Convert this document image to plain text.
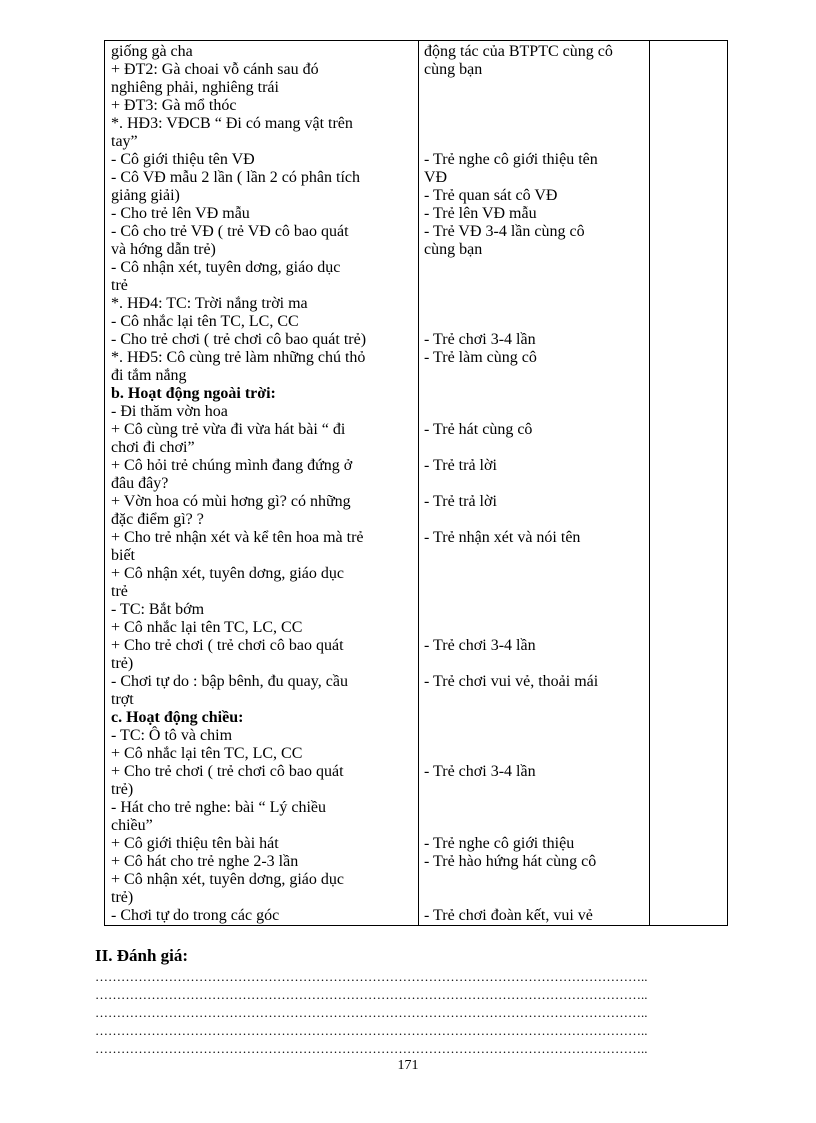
giống gà cha
+ ĐT2: Gà choai vỗ cánh sau đó
nghiêng phải, nghiêng trái
+ ĐT3: Gà mổ thóc
*. HĐ3: VĐCB “ Đi có mang vật trên
tay”
- Cô giới thiệu tên VĐ
- Cô VĐ mẫu 2 lần ( lần 2 có phân tích
giảng giải)
- Cho trẻ lên VĐ mẫu
- Cô cho trẻ VĐ ( trẻ VĐ cô bao quát
và hớng dẫn trẻ)
- Cô nhận xét, tuyên dơng, giáo dục
trẻ
*. HĐ4: TC: Trời nắng trời ma
- Cô nhắc lại tên TC, LC, CC
- Cho trẻ chơi ( trẻ chơi cô bao quát trẻ)
*. HĐ5: Cô cùng trẻ làm những chú thỏ
đi tắm nắng
b. Hoạt động ngoài trời:
- Đi thăm vờn hoa
+ Cô cùng trẻ vừa đi vừa hát bài “ đi
chơi đi chơi”
+ Cô hỏi trẻ chúng mình đang đứng ở
đâu đây?
+ Vờn hoa có mùi hơng gì? có những
đặc điểm gì? ?
+ Cho trẻ nhận xét và kể tên hoa mà trẻ
biết
+ Cô nhận xét, tuyên dơng, giáo dục
trẻ
- TC: Bắt bớm
+ Cô nhắc lại tên TC, LC, CC
+ Cho trẻ chơi ( trẻ chơi cô bao quát
trẻ)
- Chơi tự do : bập bênh, đu quay, cầu
trợt
c. Hoạt động chiều:
- TC: Ô tô và chim
+ Cô nhắc lại tên TC, LC, CC
+ Cho trẻ chơi ( trẻ chơi cô bao quát
trẻ)
- Hát cho trẻ nghe: bài “ Lý chiều
chiều”
+ Cô giới thiệu tên bài hát
+ Cô hát cho trẻ nghe 2-3 lần
+ Cô nhận xét, tuyên dơng, giáo dục
trẻ)
- Chơi tự do trong các góc
động tác của BTPTC cùng cô
cùng bạn
- Trẻ nghe cô giới thiệu tên
VĐ
- Trẻ quan sát cô VĐ
- Trẻ lên VĐ mẫu
- Trẻ VĐ 3-4 lần cùng cô
cùng bạn
- Trẻ chơi 3-4 lần
- Trẻ làm cùng cô
- Trẻ hát cùng cô
- Trẻ trả lời
- Trẻ trả lời
- Trẻ nhận xét và nói tên
- Trẻ chơi 3-4 lần
- Trẻ chơi vui vẻ, thoải mái
- Trẻ chơi 3-4 lần
- Trẻ nghe cô giới thiệu
- Trẻ hào hứng hát cùng cô
- Trẻ chơi đoàn kết, vui vẻ
II. Đánh giá:
………………………………………………………………………………………………………………..
………………………………………………………………………………………………………………..
………………………………………………………………………………………………………………..
………………………………………………………………………………………………………………..
………………………………………………………………………………………………………………..
171
